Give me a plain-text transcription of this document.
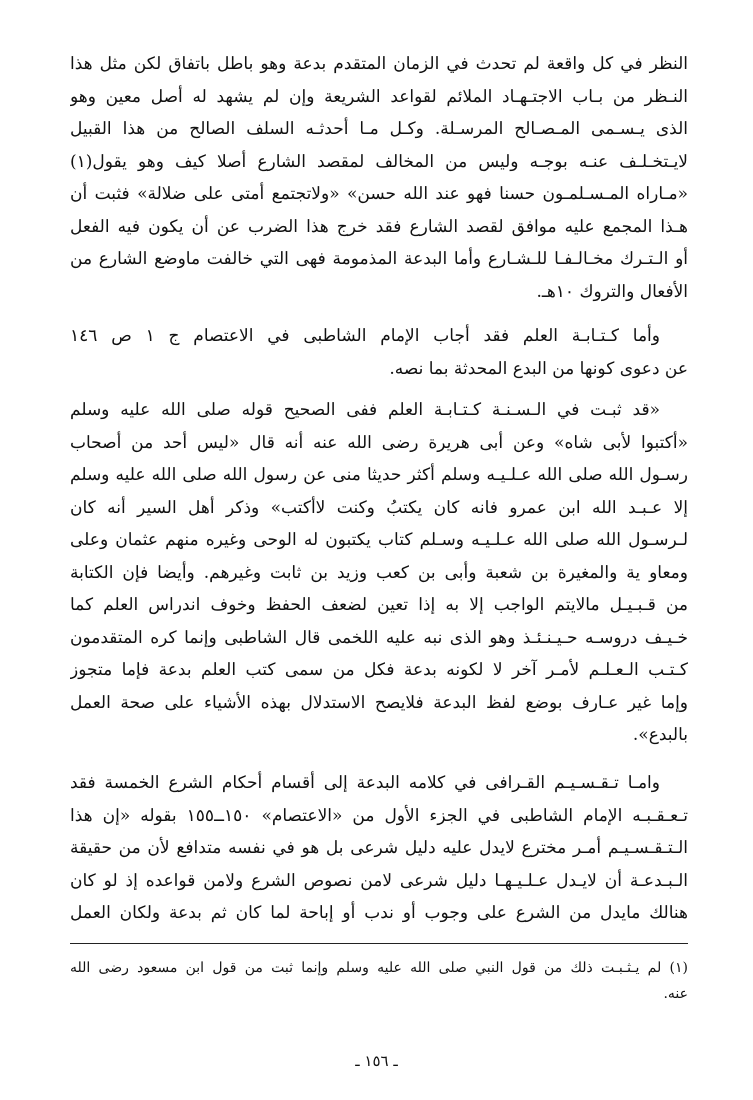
النظر في كل واقعة لم تحدث في الزمان المتقدم بدعة وهو باطل باتفاق لكن مثل هذا
النـظر من بـاب الاجتـهـاد الملائم لقواعد الشريعة وإن لم يشهد له أصل معين وهو
الذى يـسـمى المـصـالح المرسـلة. وكـل مـا أحدثـه السلف الصالح من هذا القبيل
لايـتخـلـف عنـه بوجـه وليس من المخالف لمقصد الشارع أصلا كيف وهو يقول(١)
«مـاراه المـسـلمـون حسنا فهو عند الله حسن» «ولاتجتمع أمتى على ضلالة» فثبت أن
هـذا المجمع عليه موافق لقصد الشارع فقد خرج هذا الضرب عن أن يكون فيه الفعل
أو الـتـرك مخـالـفـا للـشـارع وأما البدعة المذمومة فهى التي خالفت ماوضع الشارع من
الأفعال والتروك ١٠هـ.
وأما كـتـابـة العلم فقد أجاب الإمام الشاطبى في الاعتصام ج ١ ص ١٤٦
عن دعوى كونها من البدع المحدثة بما نصه.
«قد ثبـت في الـسـنـة كـتـابـة العلم ففى الصحيح قوله صلى الله عليه وسلم
«أكتبوا لأبى شاه» وعن أبى هريرة رضى الله عنه أنه قال «ليس أحد من أصحاب
رسـول الله صلى الله عـلـيـه وسلم أكثر حديثا منى عن رسول الله صلى الله عليه وسلم
إلا عـبـد الله ابن عمرو فانه كان يكتبُ وكنت لاأكتب» وذكر أهل السير أنه كان
لـرسـول الله صلى الله عـلـيـه وسـلم كتاب يكتبون له الوحى وغيره منهم عثمان وعلى
ومعاو ية والمغيرة بن شعبة وأبى بن كعب وزيد بن ثابت وغيرهم. وأيضا فإن الكتابة
من قـبـيـل مالايتم الواجب إلا به إذا تعين لضعف الحفظ وخوف اندراس العلم كما
خـيـف دروسـه حـيـنـئـذ وهو الذى نبه عليه اللخمى قال الشاطبى وإنما كره المتقدمون
كـتـب الـعـلـم لأمـر آخر لا لكونه بدعة فكل من سمى كتب العلم بدعة فإما متجوز
وإما غير عـارف بوضع لفظ البدعة فلايصح الاستدلال بهذه الأشياء على صحة العمل
بالبدع».
وامـا تـقـسـيـم القـرافى في كلامه البدعة إلى أقسام أحكام الشرع الخمسة فقد
تـعـقـبـه الإمام الشاطبى في الجزء الأول من «الاعتصام» ١٥٠ــ١٥٥ بقوله «إن هذا
الـتـقـسـيـم أمـر مخترع لايدل عليه دليل شرعى بل هو في نفسه متدافع لأن من حقيقة
الـبـدعـة أن لايـدل عـلـيـهـا دليل شرعى لامن نصوص الشرع ولامن قواعده إذ لو كان
هنالك مايدل من الشرع على وجوب أو ندب أو إباحة لما كان ثم بدعة ولكان العمل
(١) لم يـثـبـت ذلك من قول النبي صلى الله عليه وسلم وإنما ثبت من قول ابن مسعود رضى الله
عنه.
ـ ١٥٦ ـ
